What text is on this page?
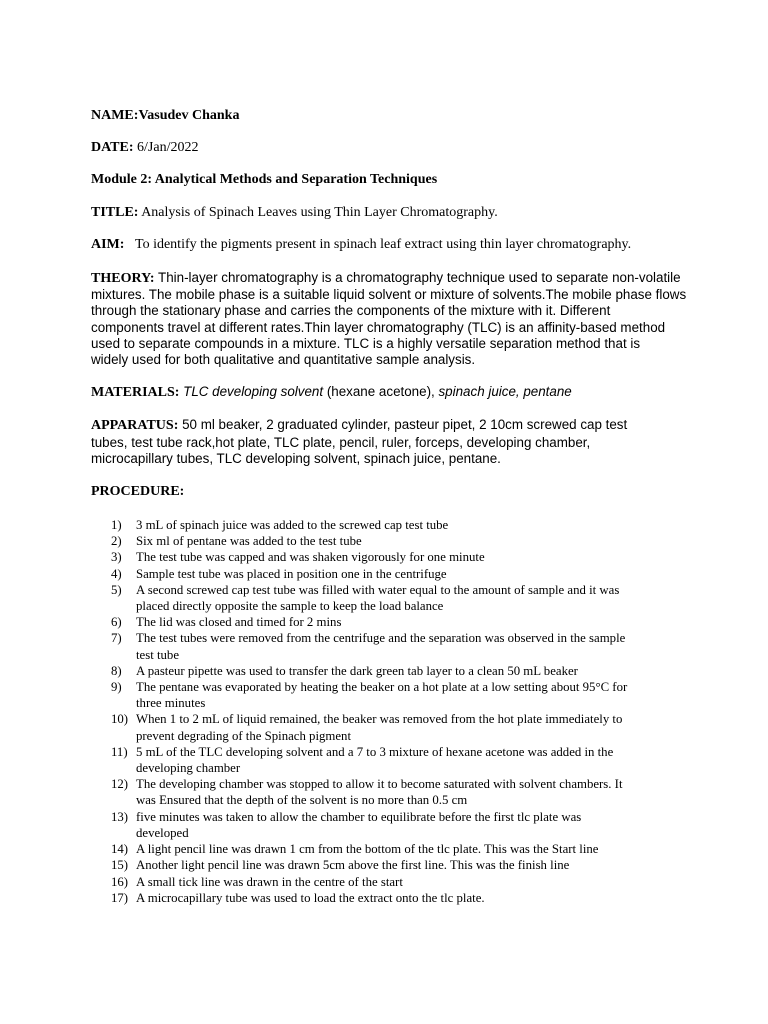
NAME:Vasudev Chanka

DATE: 6/Jan/2022

Module 2: Analytical Methods and Separation Techniques

TITLE: Analysis of Spinach Leaves using Thin Layer Chromatography.

AIM: To identify the pigments present in spinach leaf extract using thin layer chromatography.

THEORY: Thin-layer chromatography is a chromatography technique used to separate non-volatile
mixtures. The mobile phase is a suitable liquid solvent or mixture of solvents.The mobile phase flows
through the stationary phase and carries the components of the mixture with it. Different
components travel at different rates.Thin layer chromatography (TLC) is an affinity-based method
used to separate compounds in a mixture. TLC is a highly versatile separation method that is
widely used for both qualitative and quantitative sample analysis.
MATERIALS: TLC developing solvent (hexane acetone), spinach juice, pentane
APPARATUS: 50 ml beaker, 2 graduated cylinder, pasteur pipet, 2 10cm screwed cap test
tubes, test tube rack,hot plate, TLC plate, pencil, ruler, forceps, developing chamber,
microcapillary tubes, TLC developing solvent, spinach juice, pentane.

PROCEDURE:

1) 3 mL of spinach juice was added to the screwed cap test tube
2) Six ml of pentane was added to the test tube
3) The test tube was capped and was shaken vigorously for one minute
4) Sample test tube was placed in position one in the centrifuge
5) A second screwed cap test tube was filled with water equal to the amount of sample and it was
placed directly opposite the sample to keep the load balance
6) The lid was closed and timed for 2 mins
7) The test tubes were removed from the centrifuge and the separation was observed in the sample
test tube
8) A pasteur pipette was used to transfer the dark green tab layer to a clean 50 mL beaker
9) The pentane was evaporated by heating the beaker on a hot plate at a low setting about 95°C for
three minutes
10) When 1 to 2 mL of liquid remained, the beaker was removed from the hot plate immediately to
prevent degrading of the Spinach pigment
11) 5 mL of the TLC developing solvent and a 7 to 3 mixture of hexane acetone was added in the
developing chamber
12) The developing chamber was stopped to allow it to become saturated with solvent chambers. It
was Ensured that the depth of the solvent is no more than 0.5 cm
13) five minutes was taken to allow the chamber to equilibrate before the first tlc plate was
developed
14) A light pencil line was drawn 1 cm from the bottom of the tlc plate. This was the Start line
15) Another light pencil line was drawn 5cm above the first line. This was the finish line
16) A small tick line was drawn in the centre of the start
17) A microcapillary tube was used to load the extract onto the tlc plate.
